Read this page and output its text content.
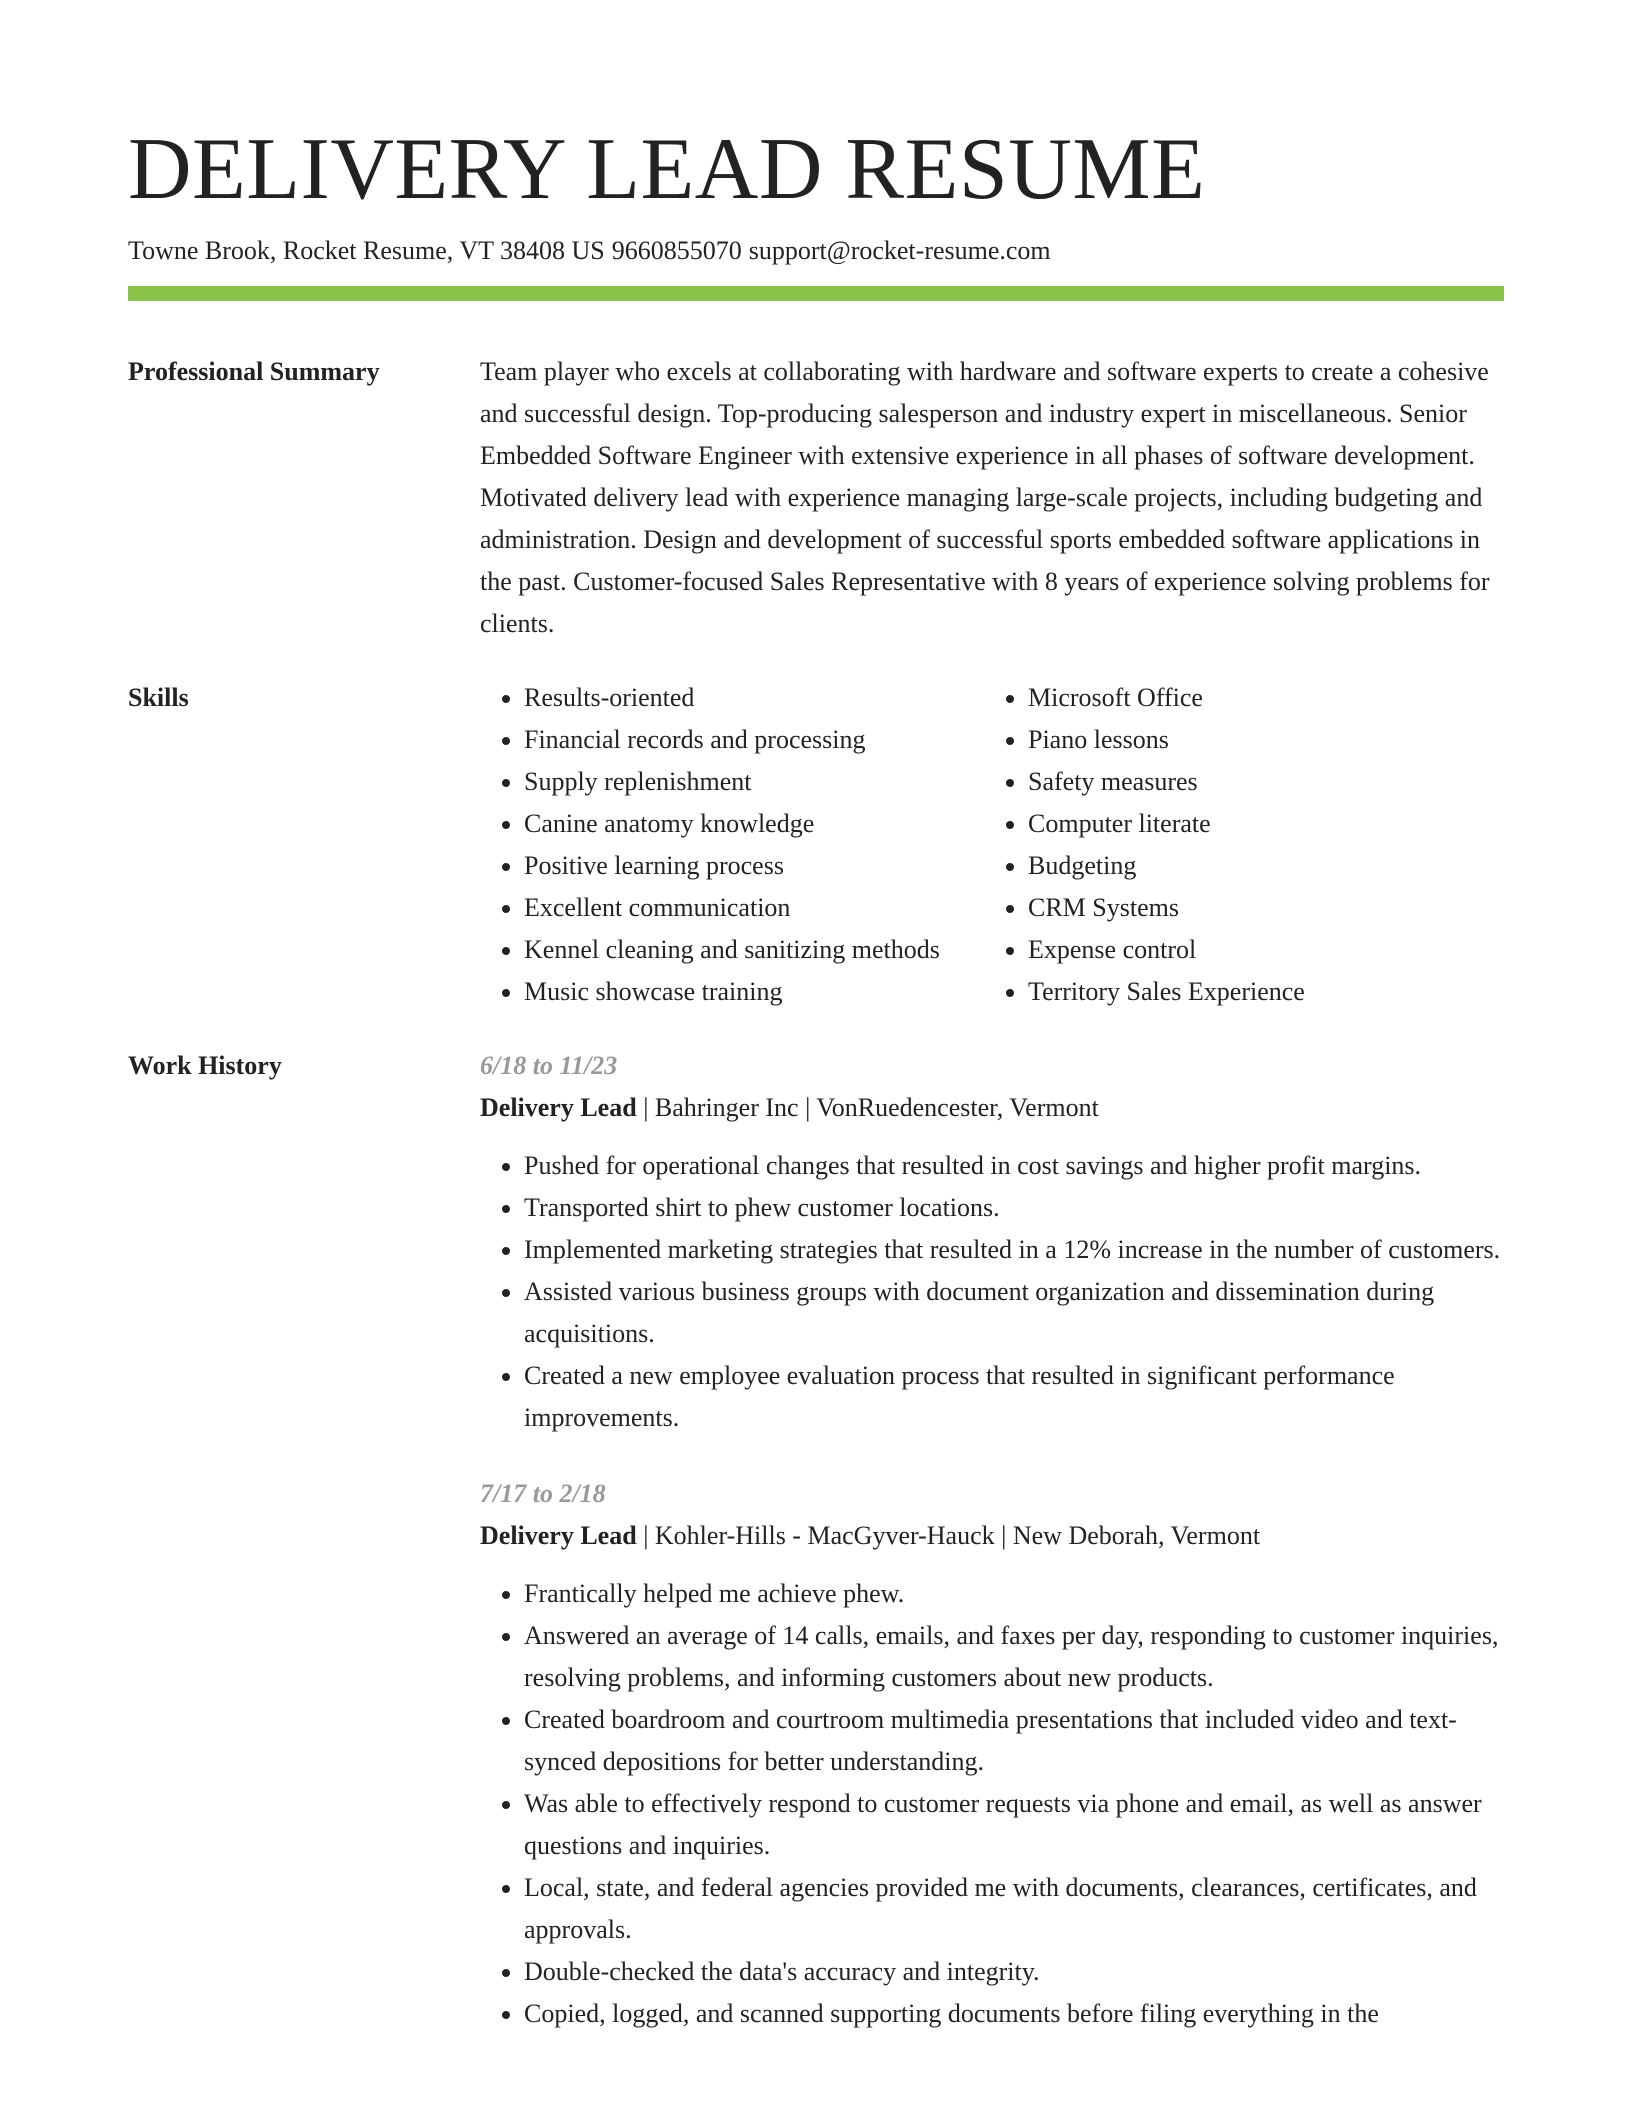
DELIVERY LEAD RESUME
Towne Brook, Rocket Resume, VT 38408 US 9660855070 support@rocket-resume.com
Professional Summary	Team player who excels at collaborating with hardware and software experts to create a cohesive and successful design. Top-producing salesperson and industry expert in miscellaneous. Senior Embedded Software Engineer with extensive experience in all phases of software development. Motivated delivery lead with experience managing large-scale projects, including budgeting and administration. Design and development of successful sports embedded software applications in the past. Customer-focused Sales Representative with 8 years of experience solving problems for clients.

Skills
•	Results-oriented
• Financial records and processing
• Supply replenishment
• Canine anatomy knowledge
• Positive learning process
• Excellent communication
• Kennel cleaning and sanitizing methods
• Music showcase training
• Microsoft Office
• Piano lessons
• Safety measures
• Computer literate
• Budgeting
• CRM Systems
• Expense control
• Territory Sales Experience
Work History	6/18 to 11/23
Delivery Lead | Bahringer Inc | VonRuedencester, Vermont
• Pushed for operational changes that resulted in cost savings and higher profit margins.
• Transported shirt to phew customer locations.
• Implemented marketing strategies that resulted in a 12% increase in the number of customers.
• Assisted various business groups with document organization and dissemination during acquisitions.
• Created a new employee evaluation process that resulted in significant performance improvements.
7/17 to 2/18
Delivery Lead | Kohler-Hills - MacGyver-Hauck | New Deborah, Vermont
• Frantically helped me achieve phew.
• Answered an average of 14 calls, emails, and faxes per day, responding to customer inquiries, resolving problems, and informing customers about new products.
• Created boardroom and courtroom multimedia presentations that included video and text-synced depositions for better understanding.
• Was able to effectively respond to customer requests via phone and email, as well as answer questions and inquiries.
• Local, state, and federal agencies provided me with documents, clearances, certificates, and approvals.
• Double-checked the data's accuracy and integrity.
• Copied, logged, and scanned supporting documents before filing everything in the
